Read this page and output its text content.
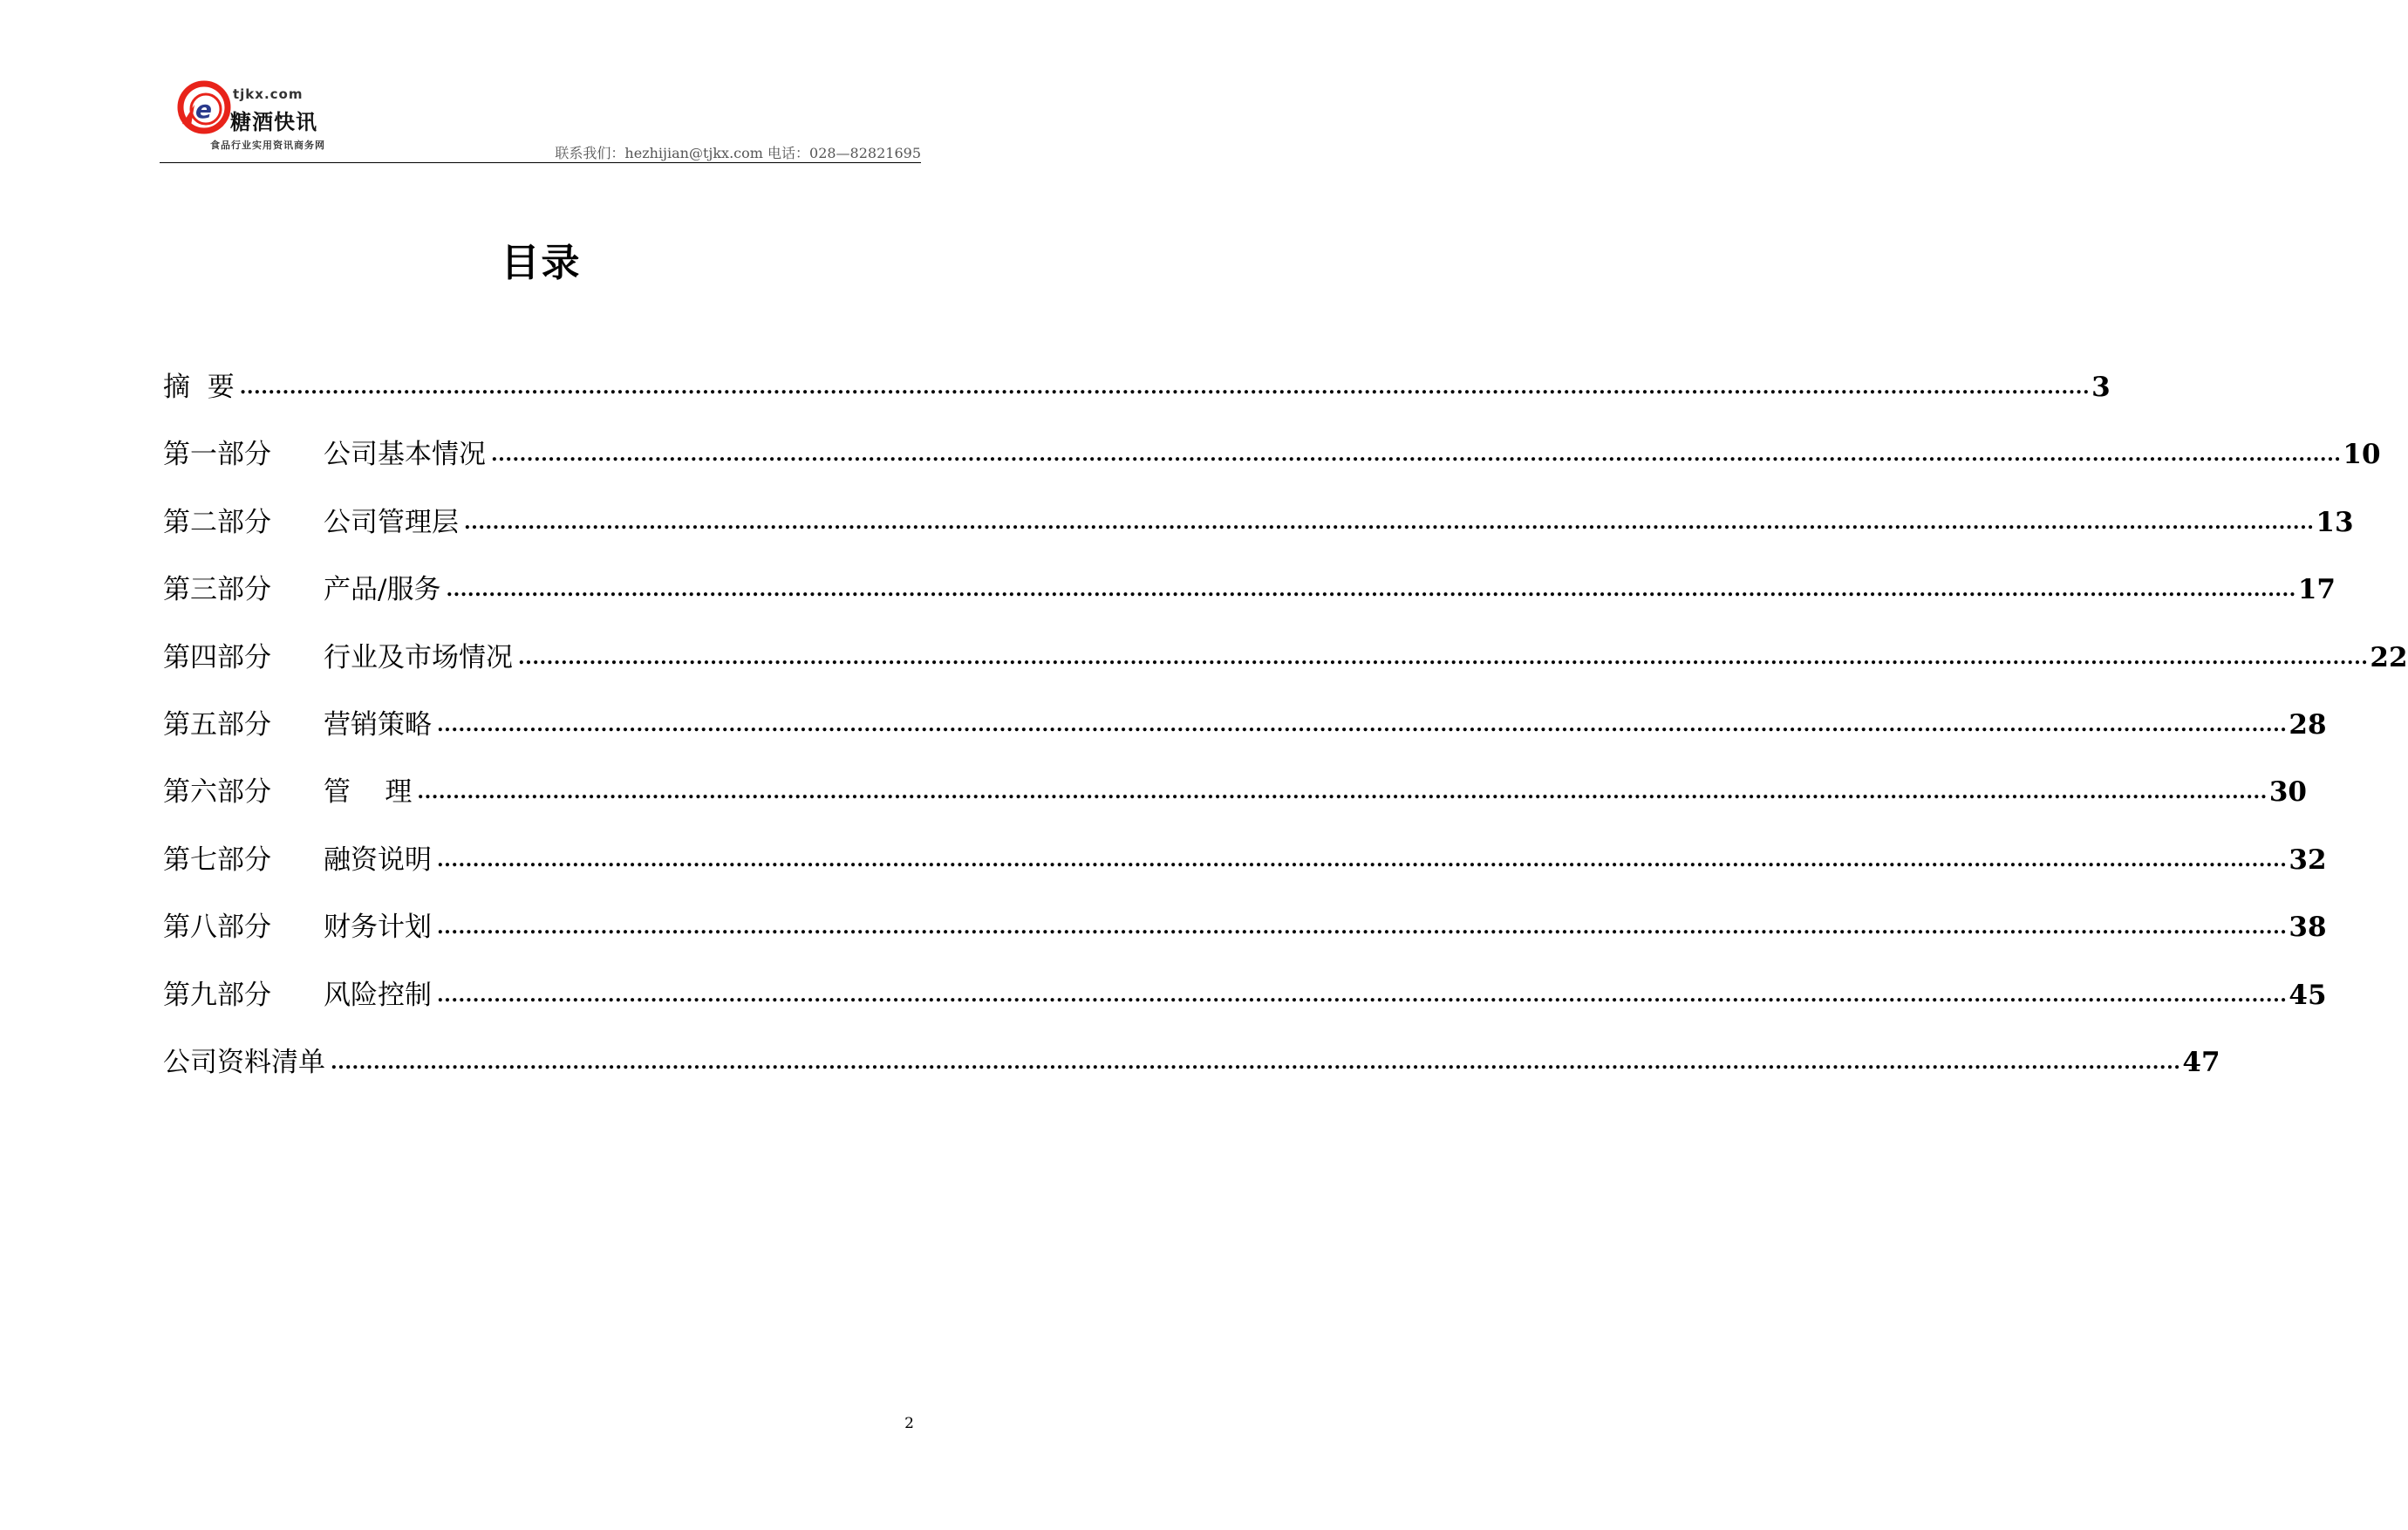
e
tjkx.com
糖酒快讯
食品行业实用资讯商务网	联系我们：hezhijian@tjkx.com 电话：028—82821695
目录
摘  要 .................................................................................................................................................................................................................................................................... 3
第一部分	公司基本情况 .................................................................................................................................................................................................................................................................... 10
第二部分	公司管理层 .................................................................................................................................................................................................................................................................... 13
第三部分	产品/服务 .................................................................................................................................................................................................................................................................... 17
第四部分	行业及市场情况 .................................................................................................................................................................................................................................................................... 22
第五部分	营销策略 .................................................................................................................................................................................................................................................................... 28
第六部分	管    理 .................................................................................................................................................................................................................................................................... 30
第七部分	融资说明 .................................................................................................................................................................................................................................................................... 32
第八部分	财务计划 .................................................................................................................................................................................................................................................................... 38
第九部分	风险控制 .................................................................................................................................................................................................................................................................... 45
公司资料清单 .................................................................................................................................................................................................................................................................... 47
2
